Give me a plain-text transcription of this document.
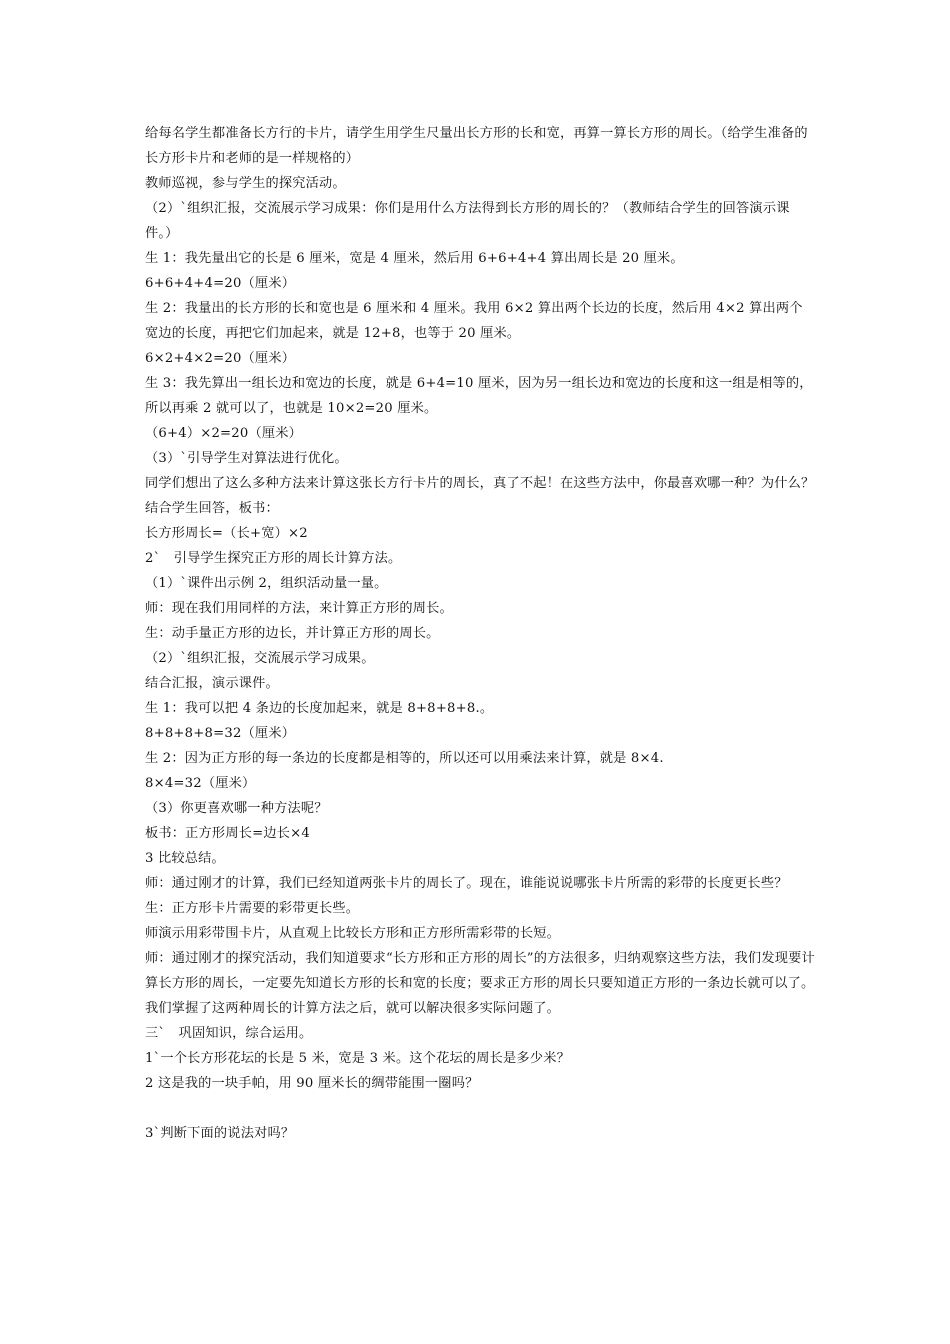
给每名学生都准备长方行的卡片，请学生用学生尺量出长方形的长和宽，再算一算长方形的周长。（给学生准备的长方形卡片和老师的是一样规格的）

教师巡视，参与学生的探究活动。

（2）`组织汇报，交流展示学习成果：你们是用什么方法得到长方形的周长的？（教师结合学生的回答演示课件。）

生 1：我先量出它的长是 6 厘米，宽是 4 厘米，然后用 6+6+4+4 算出周长是 20 厘米。

6+6+4+4=20（厘米）

生 2：我量出的长方形的长和宽也是 6 厘米和 4 厘米。我用 6×2 算出两个长边的长度，然后用 4×2 算出两个宽边的长度，再把它们加起来，就是 12+8，也等于 20 厘米。

6×2+4×2=20（厘米）

生 3：我先算出一组长边和宽边的长度，就是 6+4=10 厘米，因为另一组长边和宽边的长度和这一组是相等的，所以再乘 2 就可以了，也就是 10×2=20 厘米。

（6+4）×2=20（厘米）

（3）`引导学生对算法进行优化。

同学们想出了这么多种方法来计算这张长方行卡片的周长，真了不起！在这些方法中，你最喜欢哪一种？为什么？

结合学生回答，板书：

长方形周长=（长+宽）×2

2`　引导学生探究正方形的周长计算方法。

（1）`课件出示例 2，组织活动量一量。

师：现在我们用同样的方法，来计算正方形的周长。

生：动手量正方形的边长，并计算正方形的周长。

（2）`组织汇报，交流展示学习成果。

结合汇报，演示课件。

生 1：我可以把 4 条边的长度加起来，就是 8+8+8+8.。

8+8+8+8=32（厘米）

生 2：因为正方形的每一条边的长度都是相等的，所以还可以用乘法来计算，就是 8×4.

8×4=32（厘米）

（3）你更喜欢哪一种方法呢？

板书：正方形周长=边长×4

3 比较总结。

师：通过刚才的计算，我们已经知道两张卡片的周长了。现在，谁能说说哪张卡片所需的彩带的长度更长些？

生：正方形卡片需要的彩带更长些。

师演示用彩带围卡片，从直观上比较长方形和正方形所需彩带的长短。

师：通过刚才的探究活动，我们知道要求“长方形和正方形的周长”的方法很多，归纳观察这些方法，我们发现要计算长方形的周长，一定要先知道长方形的长和宽的长度；要求正方形的周长只要知道正方形的一条边长就可以了。我们掌握了这两种周长的计算方法之后，就可以解决很多实际问题了。

三`　巩固知识，综合运用。

1`一个长方形花坛的长是 5 米，宽是 3 米。这个花坛的周长是多少米？

2 这是我的一块手帕，用 90 厘米长的绸带能围一圈吗？

3`判断下面的说法对吗？
